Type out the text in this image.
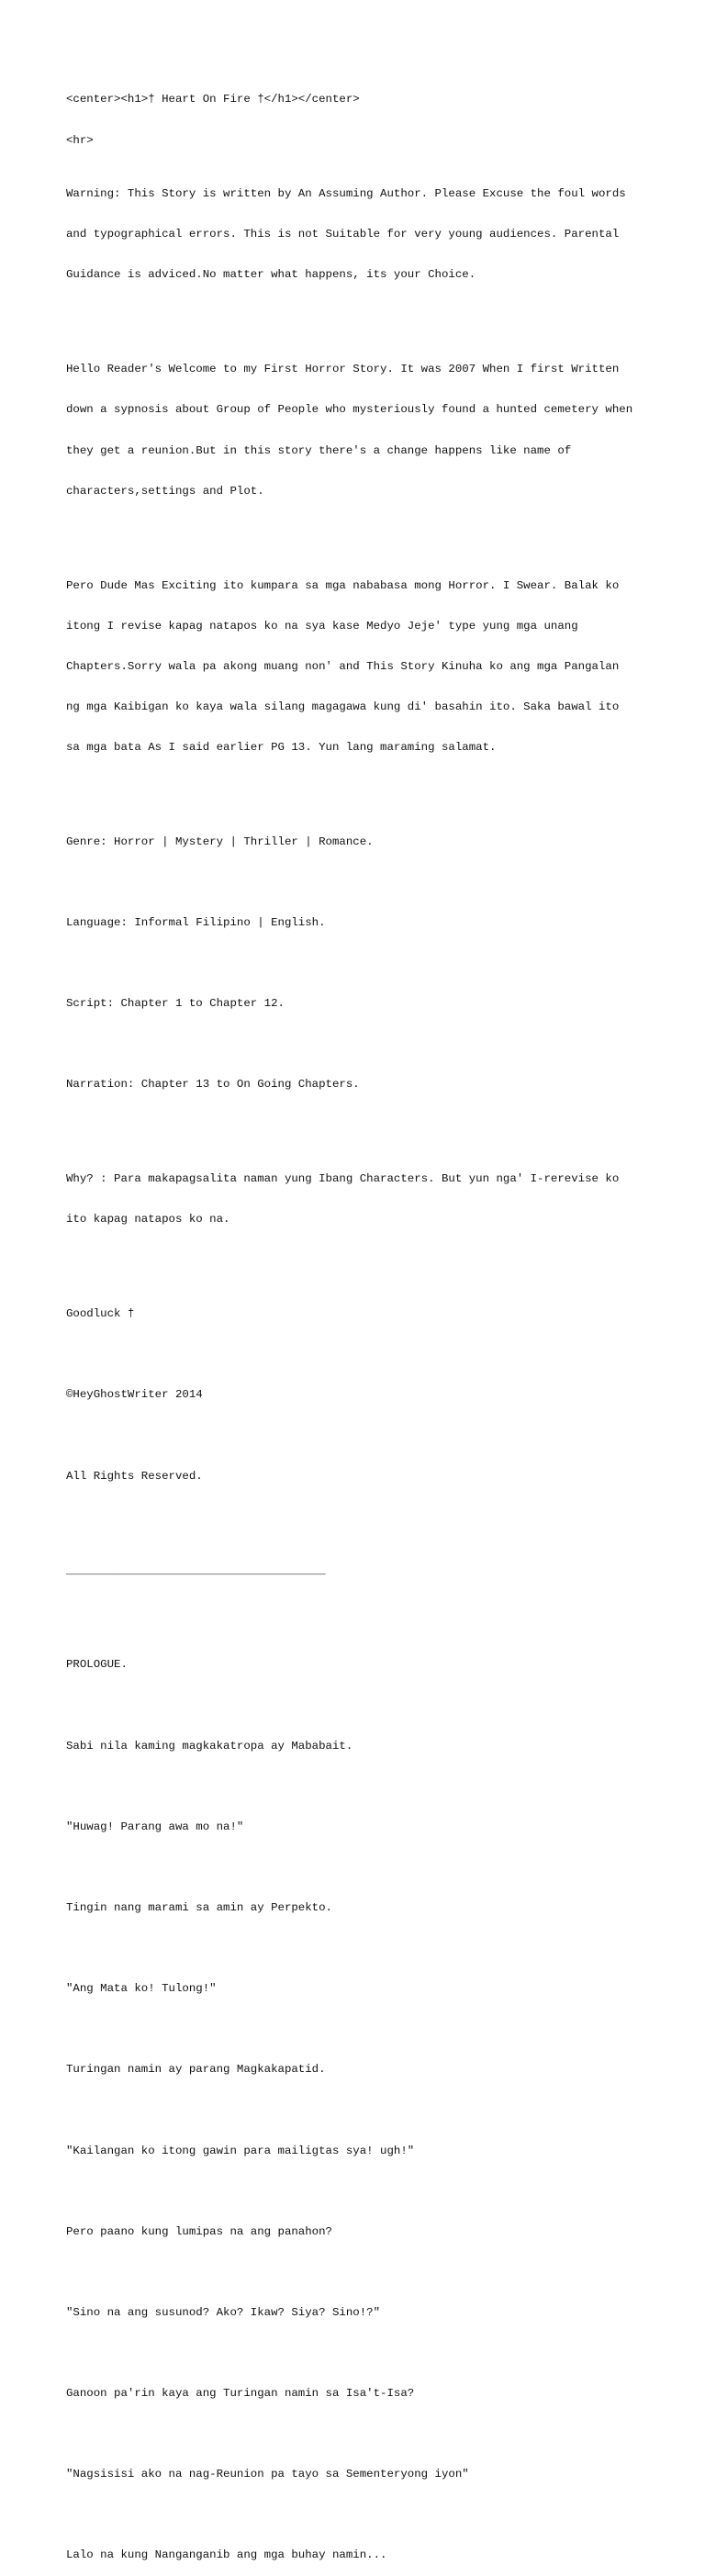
<center><h1>† Heart On Fire †</h1></center>

<hr>

Warning: This Story is written by An Assuming Author. Please Excuse the foul words

and typographical errors. This is not Suitable for very young audiences. Parental

Guidance is adviced.No matter what happens, its your Choice.

Hello Reader's Welcome to my First Horror Story. It was 2007 When I first Written

down a sypnosis about Group of People who mysteriously found a hunted cemetery when

they get a reunion.But in this story there's a change happens like name of

characters,settings and Plot.

Pero Dude Mas Exciting ito kumpara sa mga nababasa mong Horror. I Swear. Balak ko

itong I revise kapag natapos ko na sya kase Medyo Jeje' type yung mga unang

Chapters.Sorry wala pa akong muang non' and This Story Kinuha ko ang mga Pangalan

ng mga Kaibigan ko kaya wala silang magagawa kung di' basahin ito. Saka bawal ito

sa mga bata As I said earlier PG 13. Yun lang maraming salamat.

Genre: Horror | Mystery | Thriller | Romance.

Language: Informal Filipino | English.

Script: Chapter 1 to Chapter 12.

Narration: Chapter 13 to On Going Chapters.

Why? : Para makapagsalita naman yung Ibang Characters. But yun nga' I-rerevise ko

ito kapag natapos ko na.

Goodluck †

©HeyGhostWriter 2014

All Rights Reserved.

______________________________________

PROLOGUE.

Sabi nila kaming magkakatropa ay Mababait.

"Huwag! Parang awa mo na!"

Tingin nang marami sa amin ay Perpekto.

"Ang Mata ko! Tulong!"

Turingan namin ay parang Magkakapatid.

"Kailangan ko itong gawin para mailigtas sya! ugh!"

Pero paano kung lumipas na ang panahon?

"Sino na ang susunod? Ako? Ikaw? Siya? Sino!?"

Ganoon pa'rin kaya ang Turingan namin sa Isa't-Isa?

"Nagsisisi ako na nag-Reunion pa tayo sa Sementeryong iyon"

Lalo na kung Nanganganib ang mga buhay namin...
